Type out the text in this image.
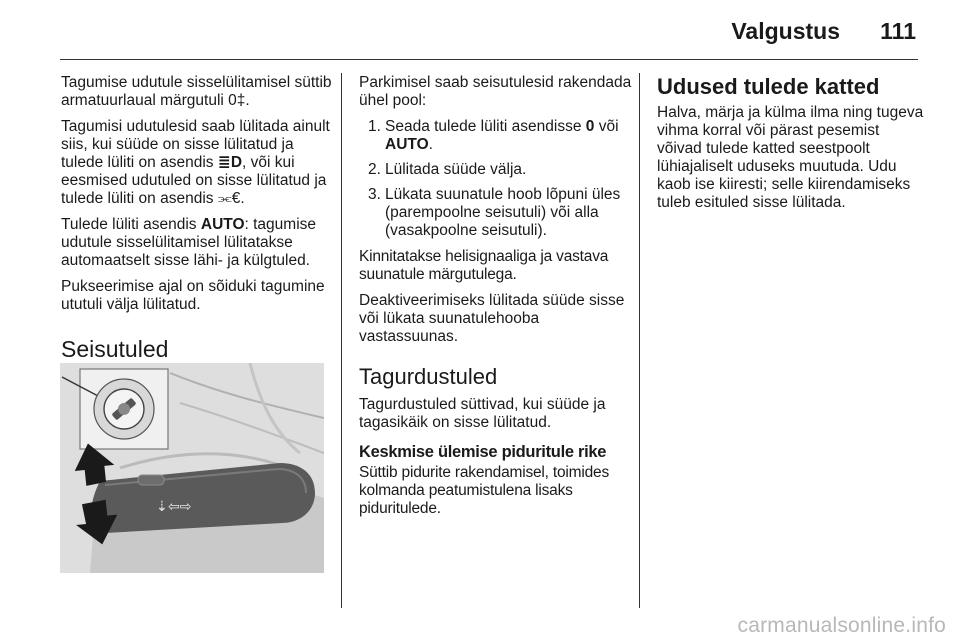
Valgustus 111

Tagumise udutule sisselülitamisel süttib armatuurlaual märgutuli 0‡.

Tagumisi udutulesid saab lülitada ainult siis, kui süüde on sisse lülitatud ja tulede lüliti on asendis ≣D, või kui eesmised udutuled on sisse lülitatud ja tulede lüliti on asendis ⫘€.

Tulede lüliti asendis AUTO: tagumise udutule sisselülitamisel lülitatakse automaatselt sisse lähi- ja külgtuled.

Pukseerimise ajal on sõiduki tagumine ututuli välja lülitatud.

Seisutuled
⇣ ⇦⇨

Parkimisel saab seisutulesid rakendada ühel pool:

1. Seada tulede lüliti asendisse 0 või AUTO.
2. Lülitada süüde välja.
3. Lükata suunatule hoob lõpuni üles (parempoolne seisutuli) või alla (vasakpoolne seisutuli).

Kinnitatakse helisignaaliga ja vastava suunatule märgutulega.

Deaktiveerimiseks lülitada süüde sisse või lükata suunatulehooba vastassuunas.

Tagurdustuled

Tagurdustuled süttivad, kui süüde ja tagasikäik on sisse lülitatud.

Keskmise ülemise piduritule rike

Süttib pidurite rakendamisel, toimides kolmanda peatumistulena lisaks piduritulede.

Udused tulede katted

Halva, märja ja külma ilma ning tugeva vihma korral või pärast pesemist võivad tulede katted seestpoolt lühiajaliselt uduseks muutuda. Udu kaob ise kiiresti; selle kiirendamiseks tuleb esituled sisse lülitada.

carmanualsonline.info
